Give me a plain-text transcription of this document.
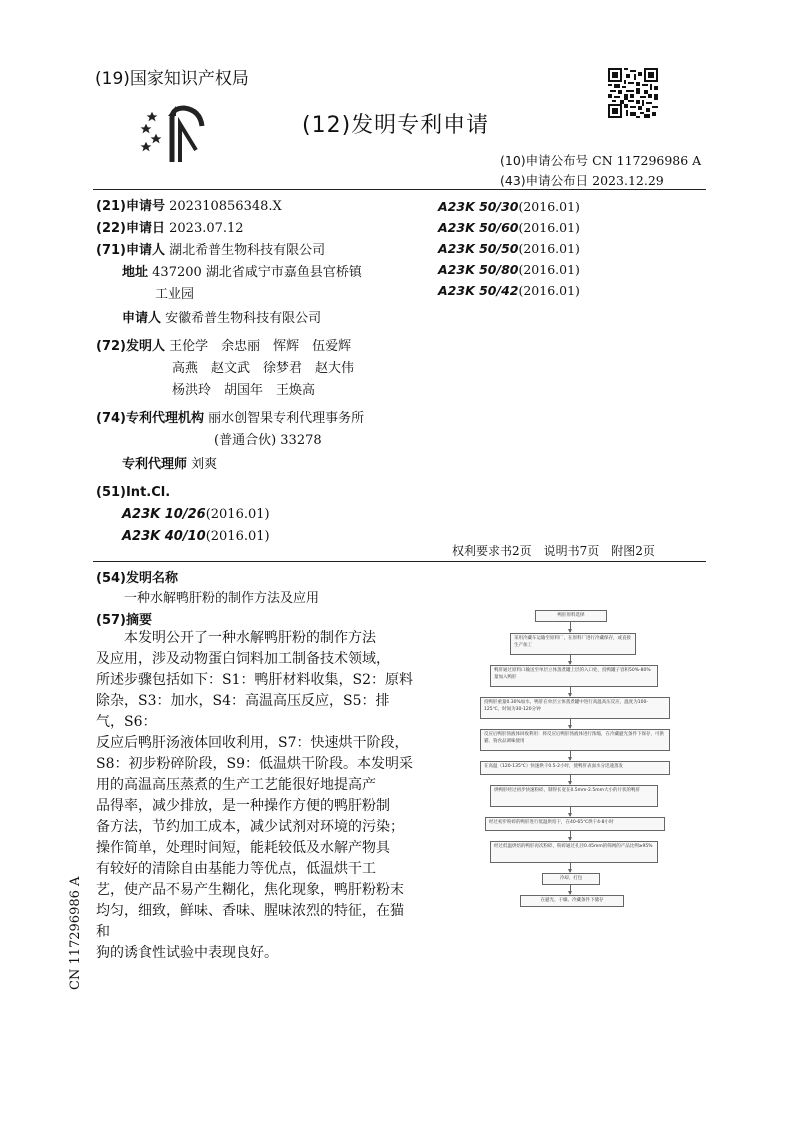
(19)国家知识产权局
(12)发明专利申请
(10)申请公布号 CN 117296986 A
(43)申请公布日 2023.12.29
(21)申请号 202310856348.X
(22)申请日 2023.07.12
(71)申请人 湖北希普生物科技有限公司
地址 437200 湖北省咸宁市嘉鱼县官桥镇
工业园
申请人 安徽希普生物科技有限公司
(72)发明人 王伦学　余忠丽　恽辉　伍爱辉
高燕　赵文武　徐梦君　赵大伟
杨洪玲　胡国年　王焕高
(74)专利代理机构 丽水创智果专利代理事务所
(普通合伙) 33278
专利代理师 刘爽
(51)Int.Cl.
A23K 10/26(2016.01)
A23K 40/10(2016.01)
A23K 50/30(2016.01)
A23K 50/60(2016.01)
A23K 50/50(2016.01)
A23K 50/80(2016.01)
A23K 50/42(2016.01)
权利要求书2页　说明书7页　附图2页
(54)发明名称
一种水解鸭肝粉的制作方法及应用
(57)摘要
　　本发明公开了一种水解鸭肝粉的制作方法
及应用，涉及动物蛋白饲料加工制备技术领域，
所述步骤包括如下：S1：鸭肝材料收集，S2：原料
除杂，S3：加水，S4：高温高压反应，S5：排气，S6：
反应后鸭肝汤液体回收利用，S7：快速烘干阶段，
S8：初步粉碎阶段，S9：低温烘干阶段。本发明采
用的高温高压蒸煮的生产工艺能很好地提高产
品得率，减少排放，是一种操作方便的鸭肝粉制
备方法，节约加工成本，减少试剂对环境的污染；
操作简单，处理时间短，能耗较低及水解产物具
有较好的清除自由基能力等优点，低温烘干工
艺，使产品不易产生糊化，焦化现象，鸭肝粉粉末
均匀，细致，鲜味、香味、腥味浓烈的特征，在猫和
狗的诱食性试验中表现良好。
鸭肝原料选择
采用冷藏车运输至原料厂，在原料厂进行冷藏保存，或直接生产加工
鸭肝通过原料口输送至单层立体蒸煮罐上层的入口处，投鸭罐子容积50%-80%量加入鸭肝
投鸭肝重量0.30%加水，鸭肝在单层立体蒸煮罐中进行高温高压反应，温度为100-125℃，时间为30-120分钟
反应后鸭肝汤液体回收利用：将反应后鸭肝汤液体进行浓缩，在冷藏避光条件下保存，可供猫、狗食品调味使用
在高温（120-135℃）快速烘干0.5-2小时，使鸭肝表面水分迅速蒸发
烘鸭肝经过初步快速粉碎，制得长宽在0.5mm-2.5mm大小的片状的鸭肝
经过初步粉碎的鸭肝进行低温烘焙干，在40-65℃烘干4-8小时
经过低温烘焙的鸭肝再次粉碎，粉碎通过孔径0.45mm的筛网的产品比例≥95%
冷却，打包
在避光、干燥、冷藏条件下储存
CN 117296986 A
